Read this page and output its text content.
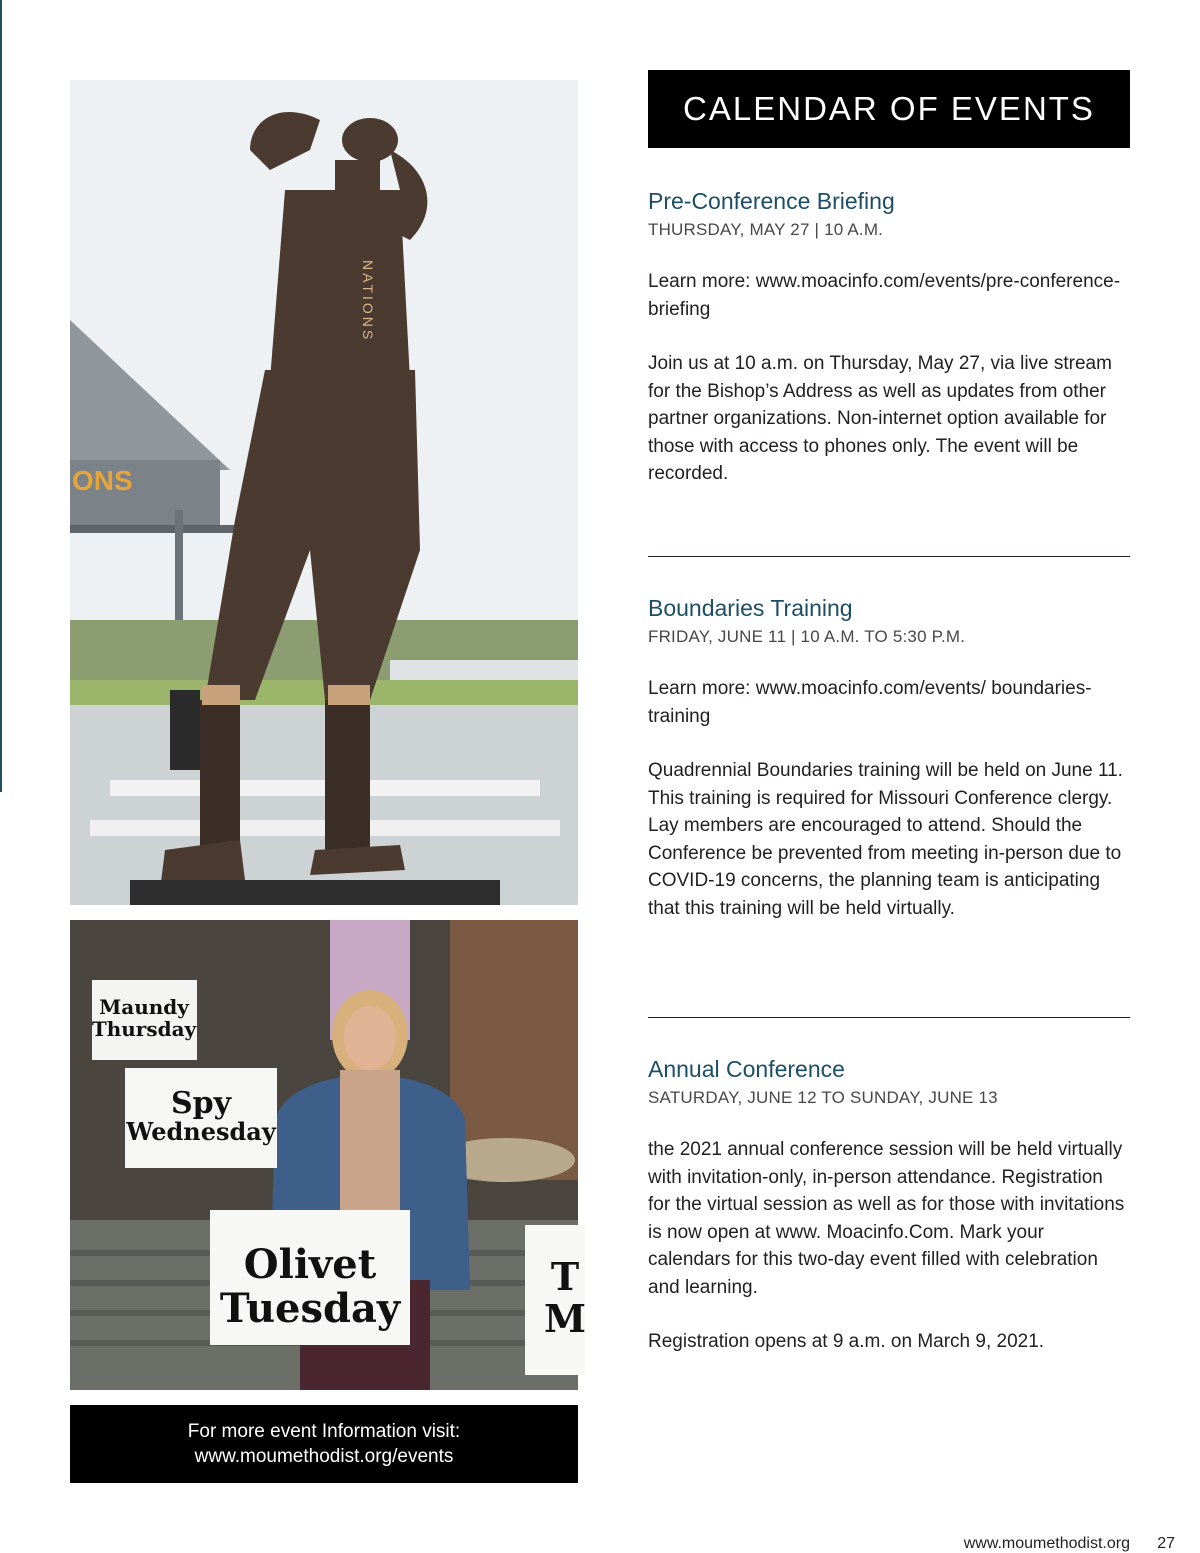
ONS
NATIONS
Maundy
Thursday
Spy
Wednesday
Olivet
Tuesday
T
M
For more event Information visit:
www.moumethodist.org/events
CALENDAR OF EVENTS
Pre-Conference Briefing

THURSDAY, MAY 27 | 10 A.M.

Learn more: www.moacinfo.com/events/pre-conference-briefing

Join us at 10 a.m. on Thursday, May 27, via live stream for the Bishop’s Address as well as updates from other partner organizations. Non-internet option available for those with access to phones only. The event will be recorded.

Boundaries Training

FRIDAY, JUNE 11 | 10 A.M. TO 5:30 P.M.

Learn more: www.moacinfo.com/events/ boundaries-training

Quadrennial Boundaries training will be held on June 11. This training is required for Missouri Conference clergy. Lay members are encouraged to attend. Should the Conference be prevented from meeting in-person due to COVID-19 concerns, the planning team is anticipating that this training will be held virtually.

Annual Conference

SATURDAY, JUNE 12 TO SUNDAY, JUNE 13

the 2021 annual conference session will be held virtually with invitation-only, in-person attendance. Registration for the virtual session as well as for those with invitations is now open at www. Moacinfo.Com. Mark your calendars for this two-day event filled with celebration and learning.

Registration opens at 9 a.m. on March 9, 2021.

www.moumethodist.org 27
